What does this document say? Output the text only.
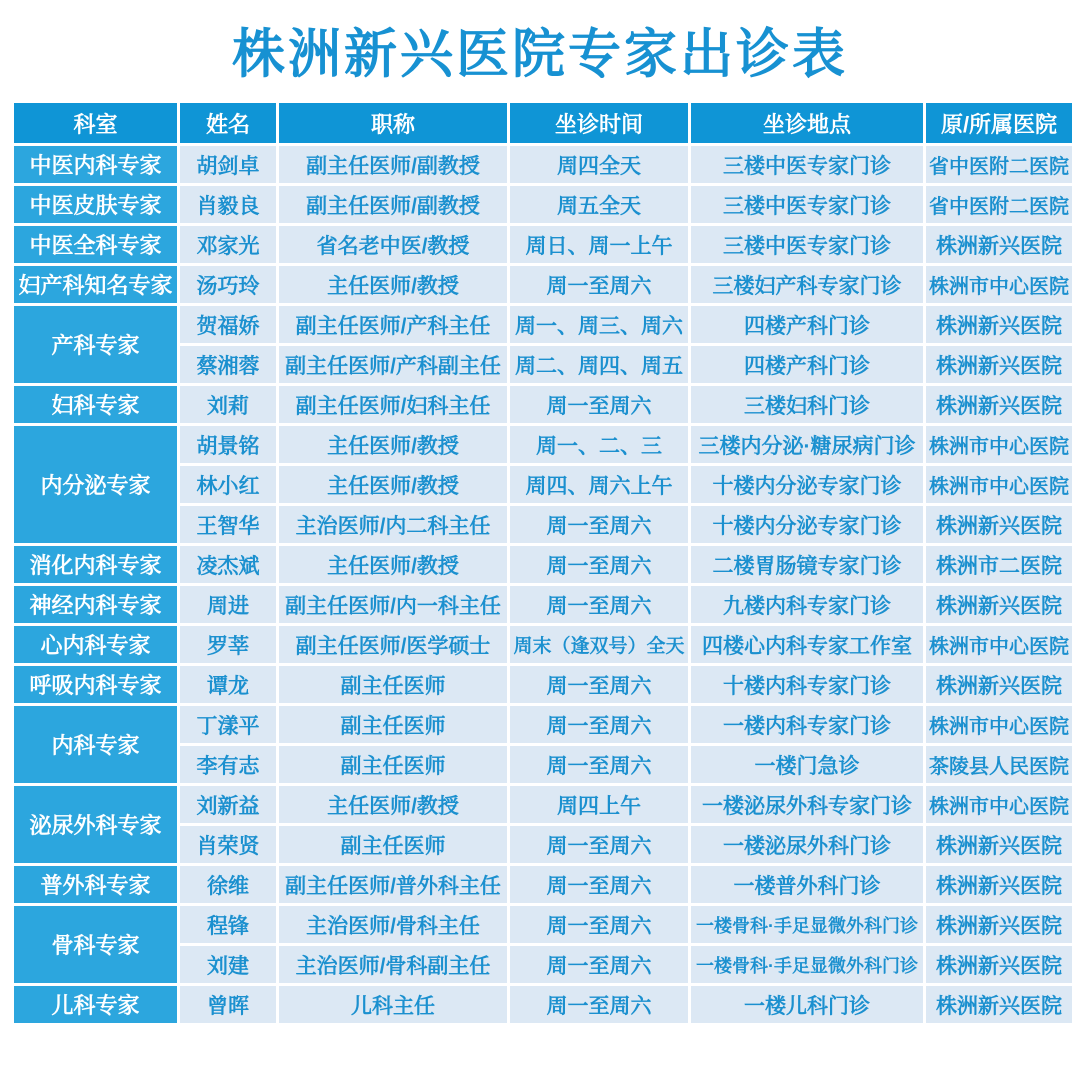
株洲新兴医院专家出诊表
科室	姓名	职称	坐诊时间	坐诊地点	原/所属医院
中医内科专家	胡剑卓	副主任医师/副教授	周四全天	三楼中医专家门诊	省中医附二医院
中医皮肤专家	肖毅良	副主任医师/副教授	周五全天	三楼中医专家门诊	省中医附二医院
中医全科专家	邓家光	省名老中医/教授	周日、周一上午	三楼中医专家门诊	株洲新兴医院
妇产科知名专家	汤巧玲	主任医师/教授	周一至周六	三楼妇产科专家门诊	株洲市中心医院
产科专家	贺福娇	副主任医师/产科主任	周一、周三、周六	四楼产科门诊	株洲新兴医院
	蔡湘蓉	副主任医师/产科副主任	周二、周四、周五	四楼产科门诊	株洲新兴医院
妇科专家	刘莉	副主任医师/妇科主任	周一至周六	三楼妇科门诊	株洲新兴医院
内分泌专家	胡景铭	主任医师/教授	周一、二、三	三楼内分泌·糖尿病门诊	株洲市中心医院
	林小红	主任医师/教授	周四、周六上午	十楼内分泌专家门诊	株洲市中心医院
	王智华	主治医师/内二科主任	周一至周六	十楼内分泌专家门诊	株洲新兴医院
消化内科专家	凌杰斌	主任医师/教授	周一至周六	二楼胃肠镜专家门诊	株洲市二医院
神经内科专家	周进	副主任医师/内一科主任	周一至周六	九楼内科专家门诊	株洲新兴医院
心内科专家	罗莘	副主任医师/医学硕士	周末（逢双号）全天	四楼心内科专家工作室	株洲市中心医院
呼吸内科专家	谭龙	副主任医师	周一至周六	十楼内科专家门诊	株洲新兴医院
内科专家	丁漾平	副主任医师	周一至周六	一楼内科专家门诊	株洲市中心医院
	李有志	副主任医师	周一至周六	一楼门急诊	茶陵县人民医院
泌尿外科专家	刘新益	主任医师/教授	周四上午	一楼泌尿外科专家门诊	株洲市中心医院
	肖荣贤	副主任医师	周一至周六	一楼泌尿外科门诊	株洲新兴医院
普外科专家	徐维	副主任医师/普外科主任	周一至周六	一楼普外科门诊	株洲新兴医院
骨科专家	程锋	主治医师/骨科主任	周一至周六	一楼骨科·手足显微外科门诊	株洲新兴医院
	刘建	主治医师/骨科副主任	周一至周六	一楼骨科·手足显微外科门诊	株洲新兴医院
儿科专家	曾晖	儿科主任	周一至周六	一楼儿科门诊	株洲新兴医院
